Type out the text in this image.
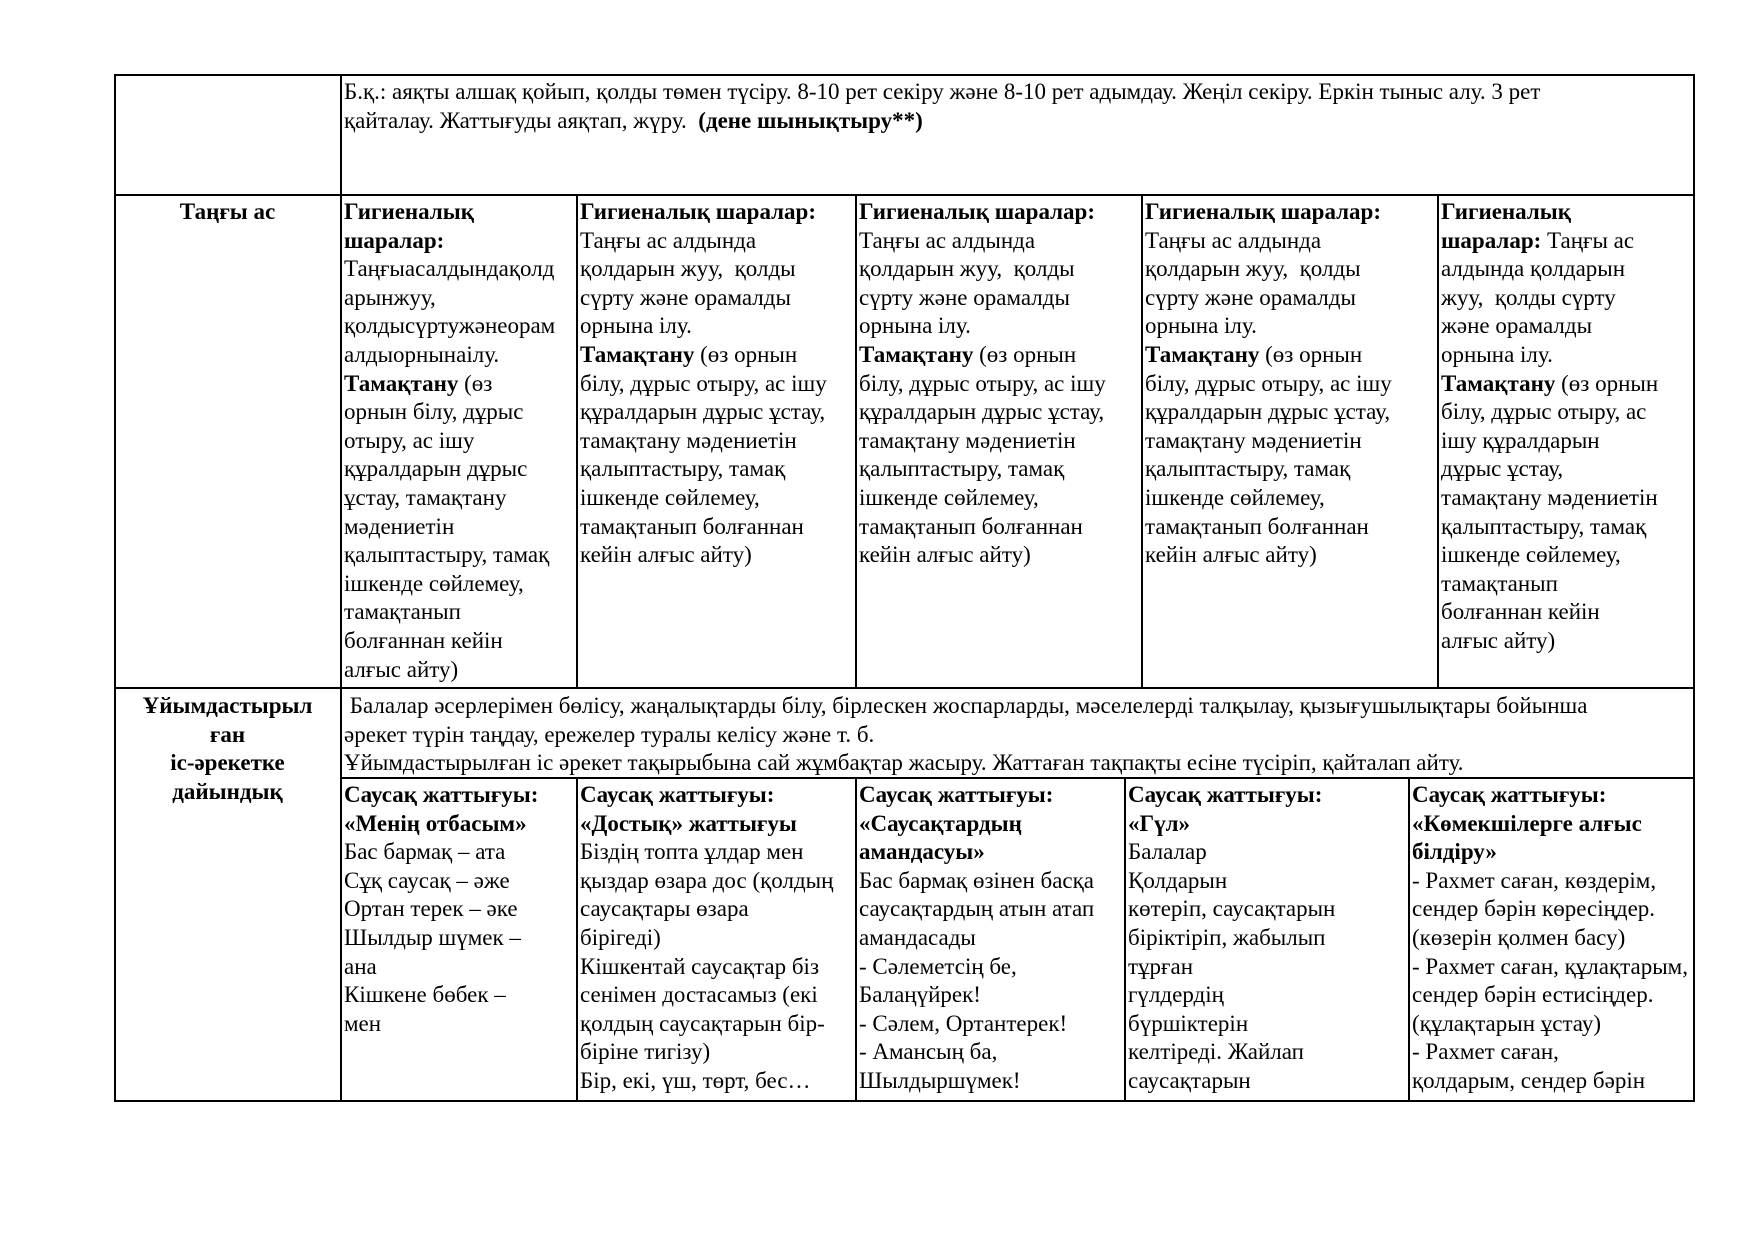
Б.қ.: аяқты алшақ қойып, қолды төмен түсіру. 8-10 рет секіру және 8-10 рет адымдау. Жеңіл секіру. Еркін тыныс алу. 3 рет
қайталау. Жаттығуды аяқтап, жүру.  (дене шынықтыру**)
Таңғы ас	Гигиеналық
шаралар:
Таңғыасалдындақолд
арынжуу,
қолдысүртужәнеорам
алдыорнынаілу.
Тамақтану (өз
орнын білу, дұрыс
отыру, ас ішу
құралдарын дұрыс
ұстау, тамақтану
мәдениетін
қалыптастыру, тамақ
ішкенде сөйлемеу,
тамақтанып
болғаннан кейін
алғыс айту)
Гигиеналық шаралар:
Таңғы ас алдында
қолдарын жуу,  қолды
сүрту және орамалды
орнына ілу.
Тамақтану (өз орнын
білу, дұрыс отыру, ас ішу
құралдарын дұрыс ұстау,
тамақтану мәдениетін
қалыптастыру, тамақ
ішкенде сөйлемеу,
тамақтанып болғаннан
кейін алғыс айту)
Гигиеналық шаралар:
Таңғы ас алдында
қолдарын жуу,  қолды
сүрту және орамалды
орнына ілу.
Тамақтану (өз орнын
білу, дұрыс отыру, ас ішу
құралдарын дұрыс ұстау,
тамақтану мәдениетін
қалыптастыру, тамақ
ішкенде сөйлемеу,
тамақтанып болғаннан
кейін алғыс айту)
Гигиеналық шаралар:
Таңғы ас алдында
қолдарын жуу,  қолды
сүрту және орамалды
орнына ілу.
Тамақтану (өз орнын
білу, дұрыс отыру, ас ішу
құралдарын дұрыс ұстау,
тамақтану мәдениетін
қалыптастыру, тамақ
ішкенде сөйлемеу,
тамақтанып болғаннан
кейін алғыс айту)
Гигиеналық
шаралар: Таңғы ас
алдында қолдарын
жуу,  қолды сүрту
және орамалды
орнына ілу.
Тамақтану (өз орнын
білу, дұрыс отыру, ас
ішу құралдарын
дұрыс ұстау,
тамақтану мәдениетін
қалыптастыру, тамақ
ішкенде сөйлемеу,
тамақтанып
болғаннан кейін
алғыс айту)
Ұйымдастырыл
ған
іс-әрекетке
дайындық
Балалар әсерлерімен бөлісу, жаңалықтарды білу, бірлескен жоспарларды, мәселелерді талқылау, қызығушылықтары бойынша
әрекет түрін таңдау, ережелер туралы келісу және т. б.
Ұйымдастырылған іс әрекет тақырыбына сай жұмбақтар жасыру. Жаттаған тақпақты есіне түсіріп, қайталап айту.
Саусақ жаттығуы:
«Менің отбасым»
Бас бармақ – ата
Сұқ саусақ – әже
Ортан терек – әке
Шылдыр шүмек –
ана
Кішкене бөбек –
мен
Саусақ жаттығуы:
«Достық» жаттығуы
Біздің топта ұлдар мен
қыздар өзара дос (қолдың
саусақтары өзара
бірігеді)
Кішкентай саусақтар біз
сенімен достасамыз (екі
қолдың саусақтарын бір-
біріне тигізу)
Бір, екі, үш, төрт, бес…
Саусақ жаттығуы:
«Саусақтардың
амандасуы»
Бас бармақ өзінен басқа
саусақтардың атын атап
амандасады
- Сәлеметсің бе,
Балаңүйрек!
- Сәлем, Ортантерек!
- Амансың ба,
Шылдыршүмек!
Саусақ жаттығуы:
«Гүл»
Балалар
Қолдарын
көтеріп, саусақтарын
біріктіріп, жабылып
тұрған
гүлдердің
бүршіктерін
келтіреді. Жайлап
саусақтарын
Саусақ жаттығуы:
«Көмекшілерге алғыс
білдіру»
- Рахмет саған, көздерім,
сендер бәрін көресіңдер.
(көзерін қолмен басу)
- Рахмет саған, құлақтарым,
сендер бәрін естисіңдер.
(құлақтарын ұстау)
- Рахмет саған,
қолдарым, сендер бәрін
